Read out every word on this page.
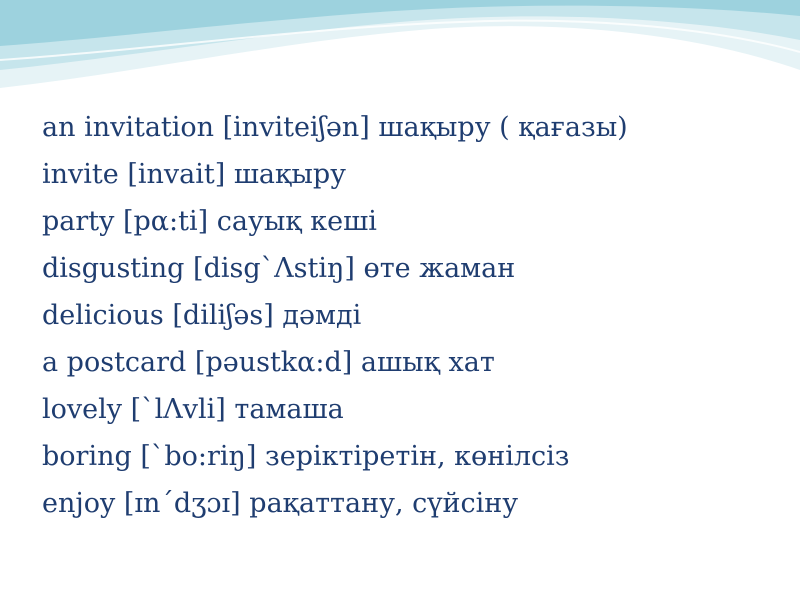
an invitation [inviteiʃən] шақыру ( қағазы)
invite [invait] шақыру
party [pα:ti] сауық кеші
disgusting [disg`Λstiŋ] өте жаман
delicious [diliʃəs] дәмді
a postcard [pəustkα:d] ашық хат
lovely [`lΛvli] тамаша
boring [`bo:riŋ] зеріктіретін, көнілсіз
enjoy [ɪn´dʒɔɪ] рақаттану, сүйсіну
